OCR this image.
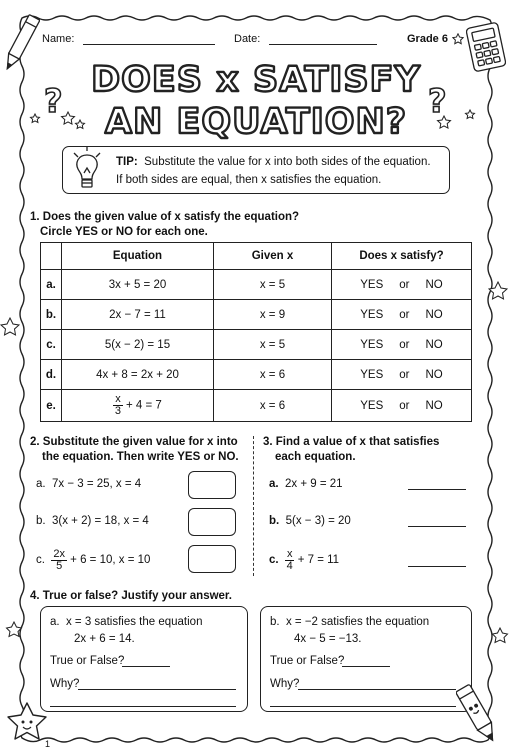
Name:	Date:	Grade 6
DOES x SATISFY
AN EQUATION?
?	?
TIP: Substitute the value for x into both sides of the equation.
If both sides are equal, then x satisfies the equation.
1. Does the given value of x satisfy the equation?
Circle YES or NO for each one.
	Equation	Given x	Does x satisfy?
a.	3x + 5 = 20	x = 5	YES or NO
b.	2x − 7 = 11	x = 9	YES or NO
c.	5(x − 2) = 15	x = 5	YES or NO
d.	4x + 8 = 2x + 20	x = 6	YES or NO
e.	$\frac{x}{3} + 4 = 7$	x = 6	YES or NO
2. Substitute the given value for x into
the equation. Then write YES or NO.
a. 7x − 3 = 25, x = 4
b. 3(x + 2) = 18, x = 4
c.
$\frac{2x}{5}$
+ 6 = 10, x = 10
3. Find a value of x that satisfies
each equation.
a. 2x + 9 = 21
b. 5(x − 3) = 20
c.
$\frac{x}{4}$
+ 7 = 11
4. True or false? Justify your answer.
a. x = 3 satisfies the equation
2x + 6 = 14.
True or False?
Why?
b. x = −2 satisfies the equation
4x − 5 = −13.
True or False?
Why?
1
